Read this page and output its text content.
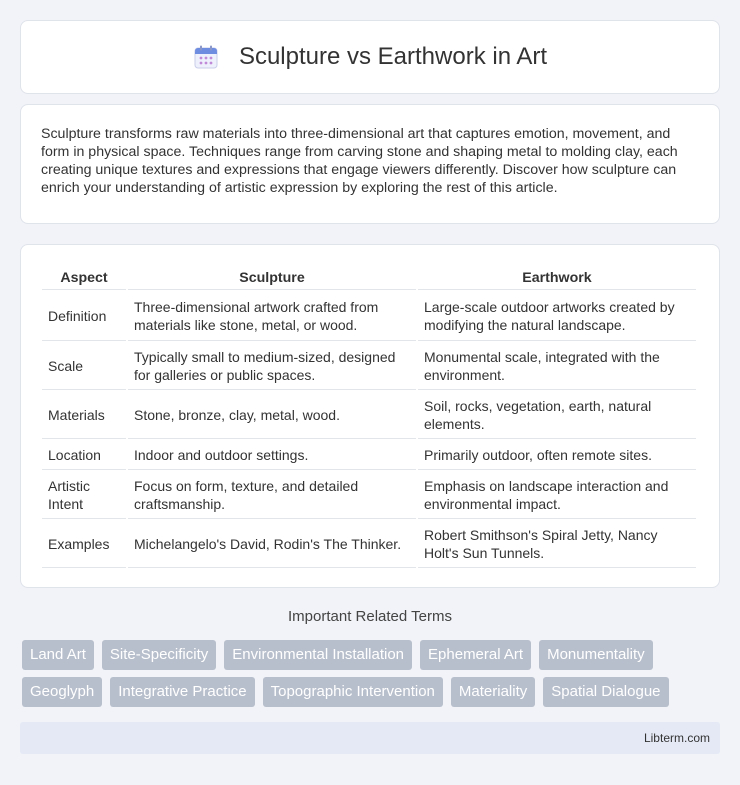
Sculpture vs Earthwork in Art

Sculpture transforms raw materials into three-dimensional art that captures emotion, movement, and form in physical space. Techniques range from carving stone and shaping metal to molding clay, each creating unique textures and expressions that engage viewers differently. Discover how sculpture can enrich your understanding of artistic expression by exploring the rest of this article.

Aspect	Sculpture	Earthwork
Definition	Three-dimensional artwork crafted from materials like stone, metal, or wood.	Large-scale outdoor artworks created by modifying the natural landscape.
Scale	Typically small to medium-sized, designed for galleries or public spaces.	Monumental scale, integrated with the environment.
Materials	Stone, bronze, clay, metal, wood.	Soil, rocks, vegetation, earth, natural elements.
Location	Indoor and outdoor settings.	Primarily outdoor, often remote sites.
Artistic Intent	Focus on form, texture, and detailed craftsmanship.	Emphasis on landscape interaction and environmental impact.
Examples	Michelangelo's David, Rodin's The Thinker.	Robert Smithson's Spiral Jetty, Nancy Holt's Sun Tunnels.
Important Related Terms
Land Art	Site-Specificity	Environmental Installation	Ephemeral Art	Monumentality
Geoglyph	Integrative Practice	Topographic Intervention	Materiality	Spatial Dialogue
Libterm.com
